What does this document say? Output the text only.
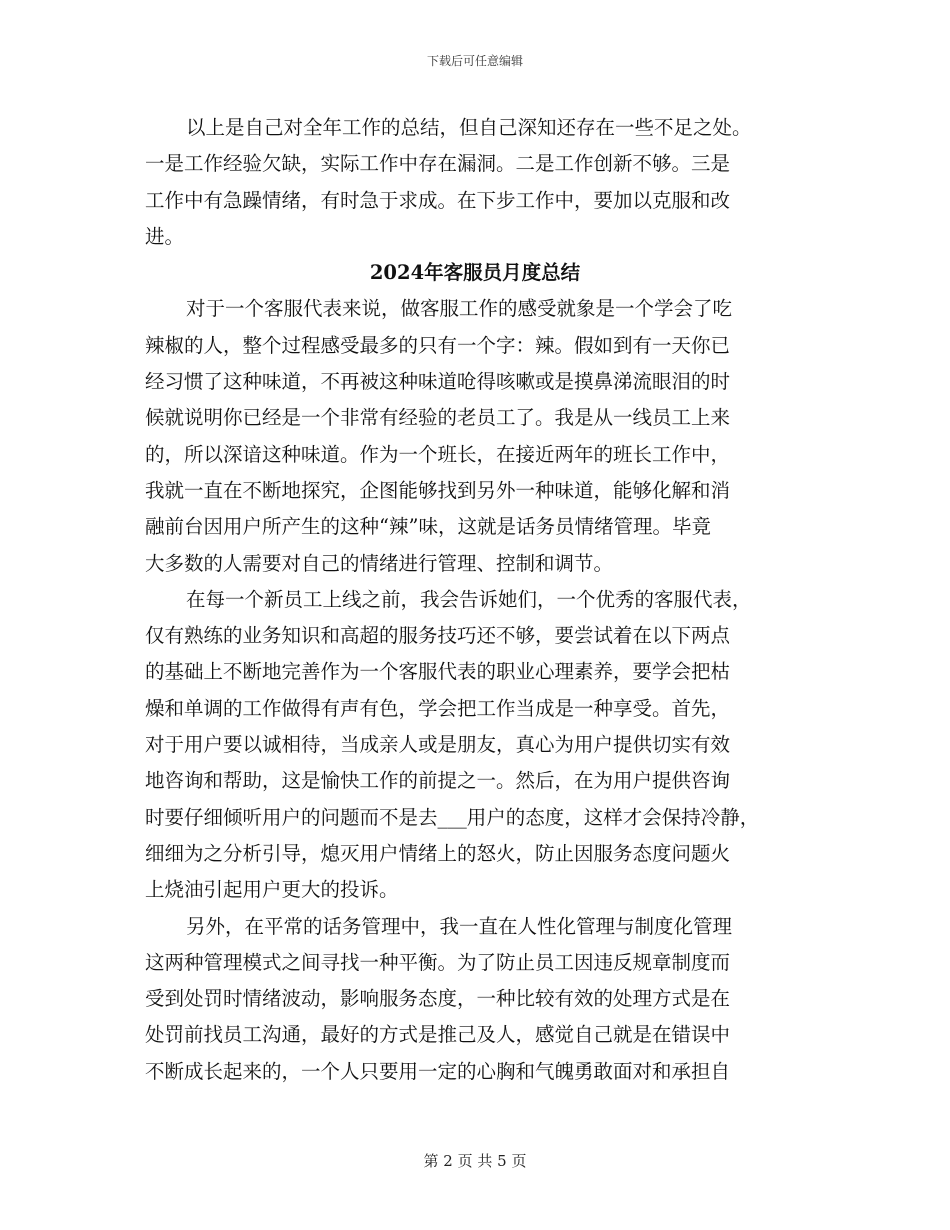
下载后可任意编辑

以上是自己对全年工作的总结，但自己深知还存在一些不足之处。
一是工作经验欠缺，实际工作中存在漏洞。二是工作创新不够。三是
工作中有急躁情绪，有时急于求成。在下步工作中，要加以克服和改
进。

2024年客服员月度总结

对于一个客服代表来说，做客服工作的感受就象是一个学会了吃
辣椒的人，整个过程感受最多的只有一个字：辣。假如到有一天你已
经习惯了这种味道，不再被这种味道呛得咳嗽或是摸鼻涕流眼泪的时
候就说明你已经是一个非常有经验的老员工了。我是从一线员工上来
的，所以深谙这种味道。作为一个班长，在接近两年的班长工作中，
我就一直在不断地探究，企图能够找到另外一种味道，能够化解和消
融前台因用户所产生的这种“辣”味，这就是话务员情绪管理。毕竟
大多数的人需要对自己的情绪进行管理、控制和调节。

在每一个新员工上线之前，我会告诉她们，一个优秀的客服代表，
仅有熟练的业务知识和高超的服务技巧还不够，要尝试着在以下两点
的基础上不断地完善作为一个客服代表的职业心理素养，要学会把枯
燥和单调的工作做得有声有色，学会把工作当成是一种享受。首先，
对于用户要以诚相待，当成亲人或是朋友，真心为用户提供切实有效
地咨询和帮助，这是愉快工作的前提之一。然后，在为用户提供咨询
时要仔细倾听用户的问题而不是去___用户的态度，这样才会保持冷静，
细细为之分析引导，熄灭用户情绪上的怒火，防止因服务态度问题火
上烧油引起用户更大的投诉。

另外，在平常的话务管理中，我一直在人性化管理与制度化管理
这两种管理模式之间寻找一种平衡。为了防止员工因违反规章制度而
受到处罚时情绪波动，影响服务态度，一种比较有效的处理方式是在
处罚前找员工沟通，最好的方式是推己及人，感觉自己就是在错误中
不断成长起来的，一个人只要用一定的心胸和气魄勇敢面对和承担自

第 2 页 共 5 页
